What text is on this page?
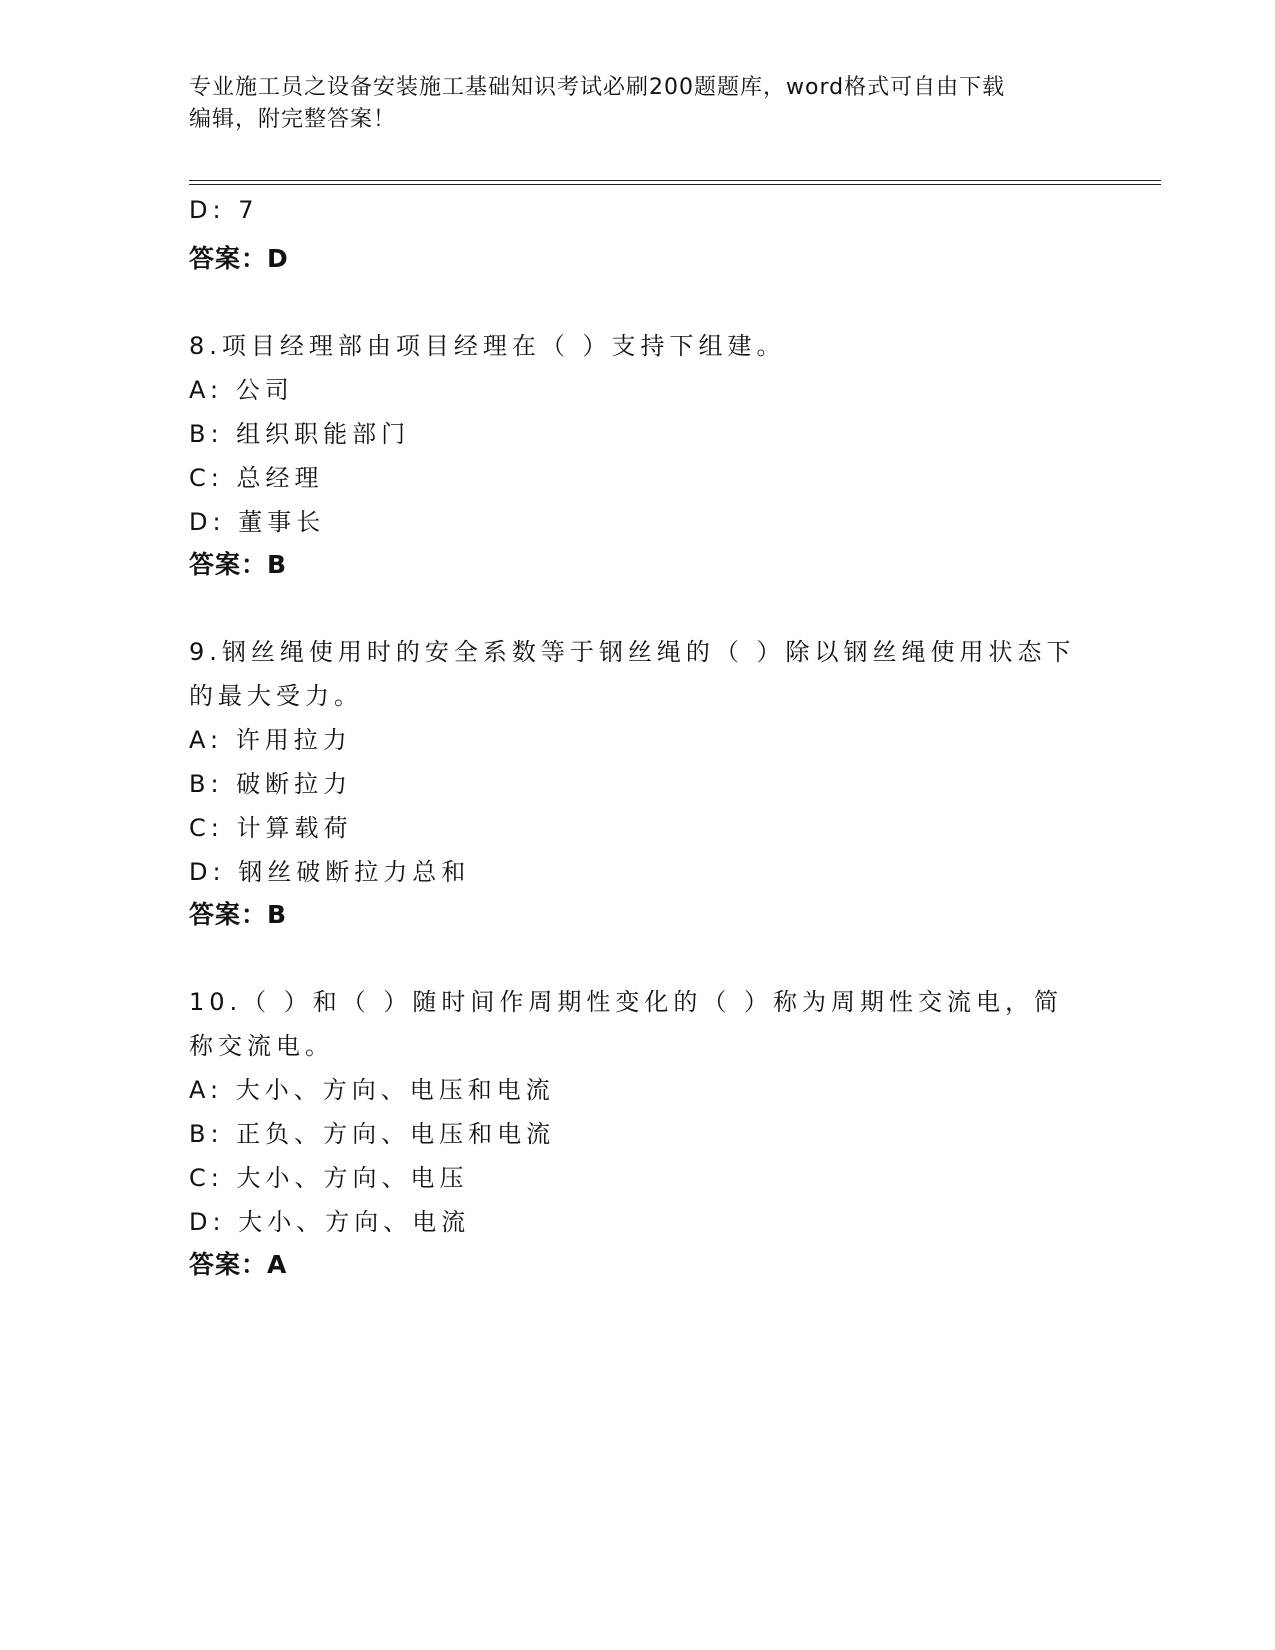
专业施工员之设备安装施工基础知识考试必刷200题题库，word格式可自由下载
编辑，附完整答案！
D: 7
答案：D
8.项目经理部由项目经理在（ ）支持下组建。
A: 公司
B: 组织职能部门
C: 总经理
D: 董事长
答案：B
9.钢丝绳使用时的安全系数等于钢丝绳的（ ）除以钢丝绳使用状态下
的最大受力。
A: 许用拉力
B: 破断拉力
C: 计算载荷
D: 钢丝破断拉力总和
答案：B
10.（ ）和（ ）随时间作周期性变化的（ ）称为周期性交流电，简
称交流电。
A: 大小、方向、电压和电流
B: 正负、方向、电压和电流
C: 大小、方向、电压
D: 大小、方向、电流
答案：A
